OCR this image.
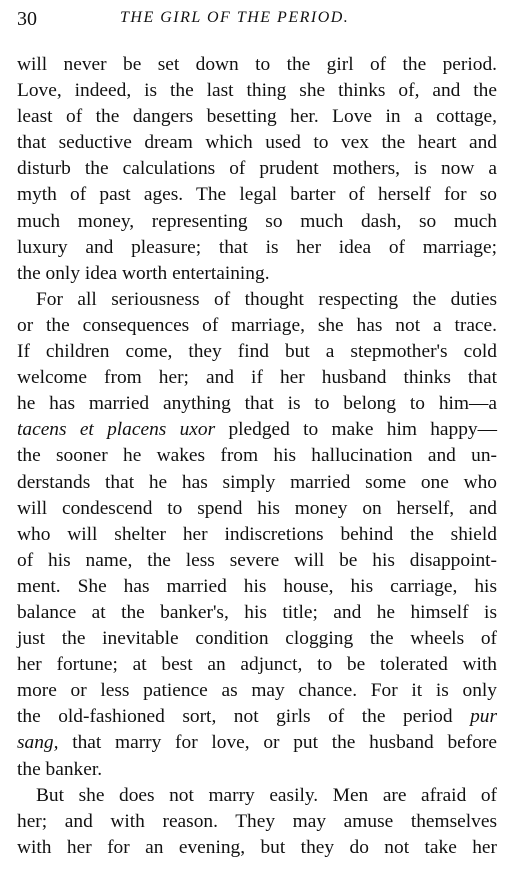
30	THE GIRL OF THE PERIOD.
will never be set down to the girl of the period.
Love, indeed, is the last thing she thinks of, and the
least of the dangers besetting her. Love in a cottage,
that seductive dream which used to vex the heart and
disturb the calculations of prudent mothers, is now a
myth of past ages. The legal barter of herself for so
much money, representing so much dash, so much
luxury and pleasure; that is her idea of marriage;
the only idea worth entertaining.
For all seriousness of thought respecting the duties
or the consequences of marriage, she has not a trace.
If children come, they find but a stepmother's cold
welcome from her; and if her husband thinks that
he has married anything that is to belong to him—a
tacens et placens uxor pledged to make him happy—
the sooner he wakes from his hallucination and un-
derstands that he has simply married some one who
will condescend to spend his money on herself, and
who will shelter her indiscretions behind the shield
of his name, the less severe will be his disappoint-
ment. She has married his house, his carriage, his
balance at the banker's, his title; and he himself is
just the inevitable condition clogging the wheels of
her fortune; at best an adjunct, to be tolerated with
more or less patience as may chance. For it is only
the old-fashioned sort, not girls of the period pur
sang, that marry for love, or put the husband before
the banker.
But she does not marry easily. Men are afraid of
her; and with reason. They may amuse themselves
with her for an evening, but they do not take her
